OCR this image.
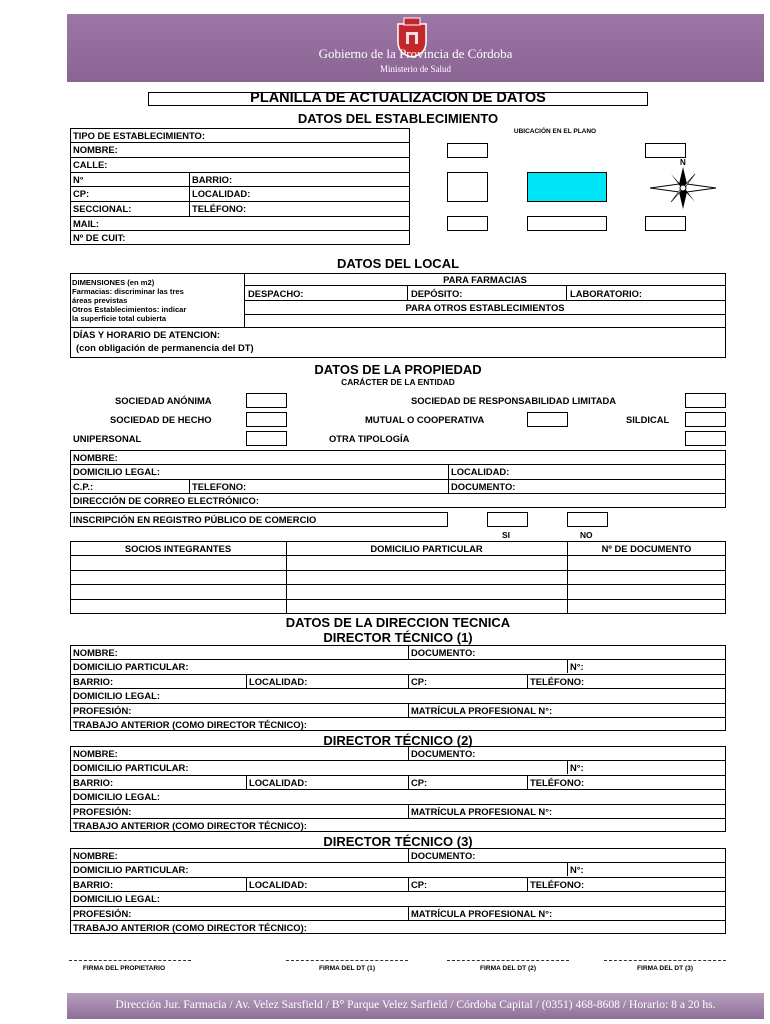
Gobierno de la Provincia de Córdoba
Ministerio de Salud
PLANILLA DE ACTUALIZACION DE DATOS
DATOS DEL ESTABLECIMIENTO
TIPO DE ESTABLECIMIENTO:
NOMBRE:
CALLE:
N°	BARRIO:
CP:	LOCALIDAD:
SECCIONAL:	TELÉFONO:
MAIL:
Nº DE CUIT:
UBICACIÓN EN EL PLANO
N
DATOS DEL LOCAL
DIMENSIONES (en m2)
Farmacias: discriminar las tres
áreas previstas
Otros Establecimientos: indicar
la superficie total cubierta
PARA FARMACIAS
DESPACHO:	DEPÓSITO:	LABORATORIO:
PARA OTROS ESTABLECIMIENTOS
DÍAS Y HORARIO DE ATENCION:
(con obligación de permanencia del DT)
DATOS DE LA PROPIEDAD
CARÁCTER DE LA ENTIDAD
SOCIEDAD ANÓNIMA	SOCIEDAD DE RESPONSABILIDAD LIMITADA
SOCIEDAD DE HECHO	MUTUAL O COOPERATIVA	SILDICAL
UNIPERSONAL	OTRA TIPOLOGÍA
NOMBRE:
DOMICILIO LEGAL:	LOCALIDAD:
C.P.:	TELEFONO:	DOCUMENTO:
DIRECCIÓN DE CORREO ELECTRÓNICO:
INSCRIPCIÓN EN REGISTRO PÚBLICO DE COMERCIO
SI	NO
SOCIOS INTEGRANTES	DOMICILIO PARTICULAR	Nº DE DOCUMENTO
DATOS DE LA DIRECCION TECNICA
DIRECTOR TÉCNICO (1)
DIRECTOR TÉCNICO (2)
DIRECTOR TÉCNICO (3)
NOMBRE:	DOCUMENTO:
DOMICILIO PARTICULAR:	N°:
BARRIO:	LOCALIDAD:	CP:	TELÉFONO:
DOMICILIO LEGAL:
PROFESIÓN:	MATRÍCULA PROFESIONAL N°:
TRABAJO ANTERIOR (COMO DIRECTOR TÉCNICO):
NOMBRE:	DOCUMENTO:
DOMICILIO PARTICULAR:	N°:
BARRIO:	LOCALIDAD:	CP:	TELÉFONO:
DOMICILIO LEGAL:
PROFESIÓN:	MATRÍCULA PROFESIONAL N°:
TRABAJO ANTERIOR (COMO DIRECTOR TÉCNICO):
NOMBRE:	DOCUMENTO:
DOMICILIO PARTICULAR:	N°:
BARRIO:	LOCALIDAD:	CP:	TELÉFONO:
DOMICILIO LEGAL:
PROFESIÓN:	MATRÍCULA PROFESIONAL N°:
TRABAJO ANTERIOR (COMO DIRECTOR TÉCNICO):
FIRMA DEL PROPIETARIO	FIRMA DEL DT (1)	FIRMA DEL DT (2)	FIRMA DEL DT (3)
Dirección Jur. Farmacia / Av. Velez Sarsfield / B° Parque Velez Sarfield / Córdoba Capital / (0351) 468-8608 / Horario: 8 a 20 hs.
